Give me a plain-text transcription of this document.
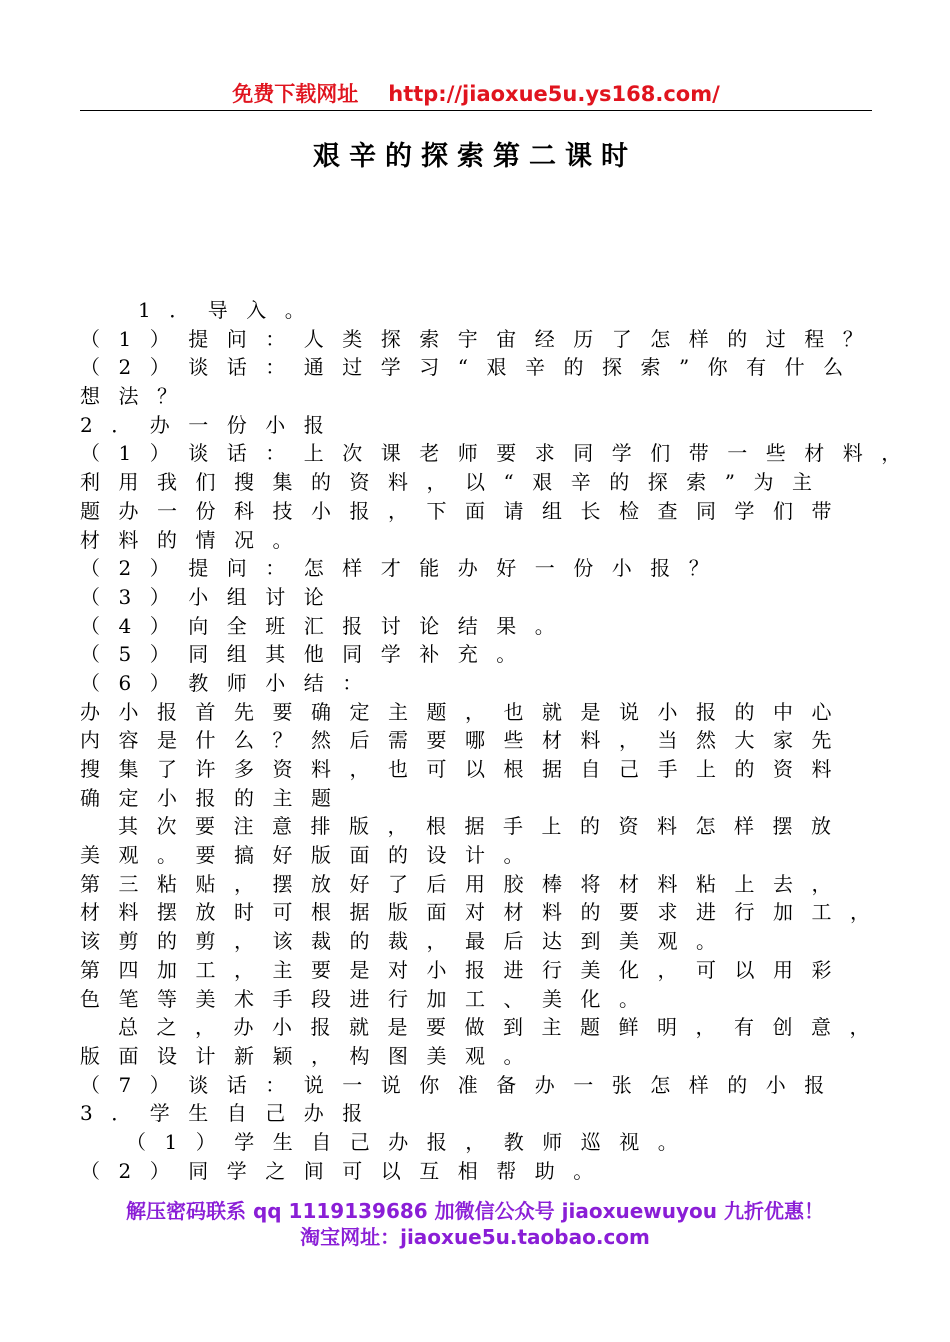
免费下载网址 http://jiaoxue5u.ys168.com/
艰辛的探索第二课时
1．导入。
（1）提问：人类探索宇宙经历了怎样的过程？
（2）谈话：通过学习“艰辛的探索”你有什么
想法？
2．办一份小报
（1）谈话：上次课老师要求同学们带一些材料，
利用我们搜集的资料，以“艰辛的探索”为主
题办一份科技小报，下面请组长检查同学们带
材料的情况。
（2）提问：怎样才能办好一份小报？
（3）小组讨论
（4）向全班汇报讨论结果。
（5）同组其他同学补充。
（6）教师小结：
办小报首先要确定主题，也就是说小报的中心
内容是什么？然后需要哪些材料，当然大家先
搜集了许多资料，也可以根据自己手上的资料
确定小报的主题
其次要注意排版，根据手上的资料怎样摆放
美观。要搞好版面的设计。
第三粘贴，摆放好了后用胶棒将材料粘上去，
材料摆放时可根据版面对材料的要求进行加工，
该剪的剪，该裁的裁，最后达到美观。
第四加工，主要是对小报进行美化，可以用彩
色笔等美术手段进行加工、美化。
总之，办小报就是要做到主题鲜明，有创意，
版面设计新颖，构图美观。
（7）谈话：说一说你准备办一张怎样的小报
3．学生自己办报
（1）学生自己办报，教师巡视。
（2）同学之间可以互相帮助。
解压密码联系 qq 1119139686 加微信公众号 jiaoxuewuyou 九折优惠！
淘宝网址：jiaoxue5u.taobao.com
